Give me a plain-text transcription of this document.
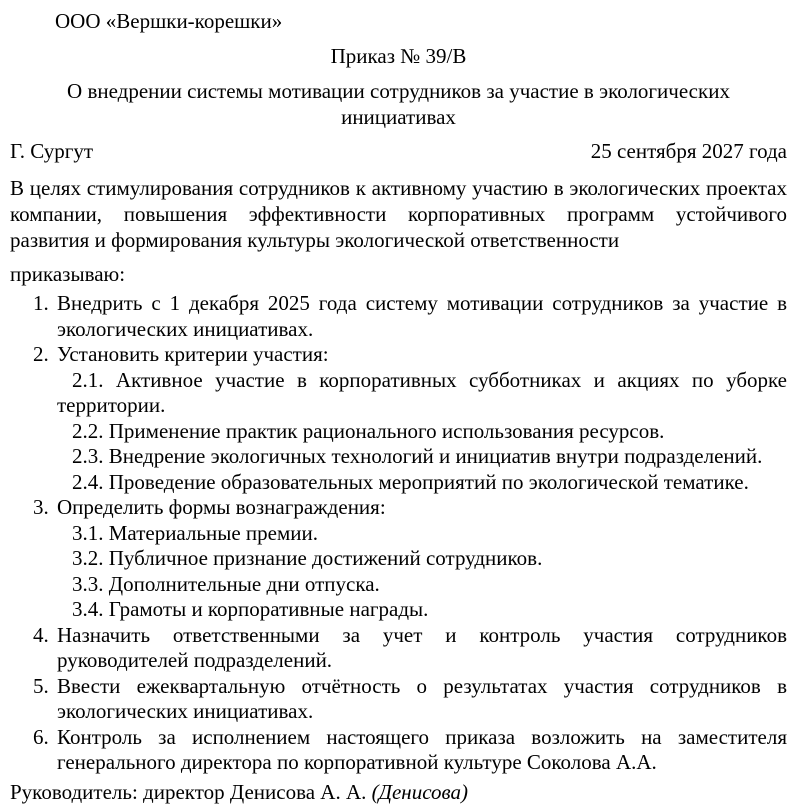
ООО «Вершки-корешки»

Приказ № 39/В

О внедрении системы мотивации сотрудников за участие в экологических инициативах

Г. Сургут	25 сентября 2027 года

В целях стимулирования сотрудников к активному участию в экологических проектах компании, повышения эффективности корпоративных программ устойчивого развития и формирования культуры экологической ответственности

приказываю:

1. Внедрить с 1 декабря 2025 года систему мотивации сотрудников за участие в экологических инициативах.
2. Установить критерии участия:

2.1. Активное участие в корпоративных субботниках и акциях по уборке территории.

2.2. Применение практик рационального использования ресурсов.

2.3. Внедрение экологичных технологий и инициатив внутри подразделений.

2.4. Проведение образовательных мероприятий по экологической тематике.

3. Определить формы вознаграждения:

3.1. Материальные премии.

3.2. Публичное признание достижений сотрудников.

3.3. Дополнительные дни отпуска.

3.4. Грамоты и корпоративные награды.

4. Назначить ответственными за учет и контроль участия сотрудников руководителей подразделений.
5. Ввести ежеквартальную отчётность о результатах участия сотрудников в экологических инициативах.
6. Контроль за исполнением настоящего приказа возложить на заместителя генерального директора по корпоративной культуре Соколова А.А.

Руководитель: директор Денисова А. А. (Денисова)
